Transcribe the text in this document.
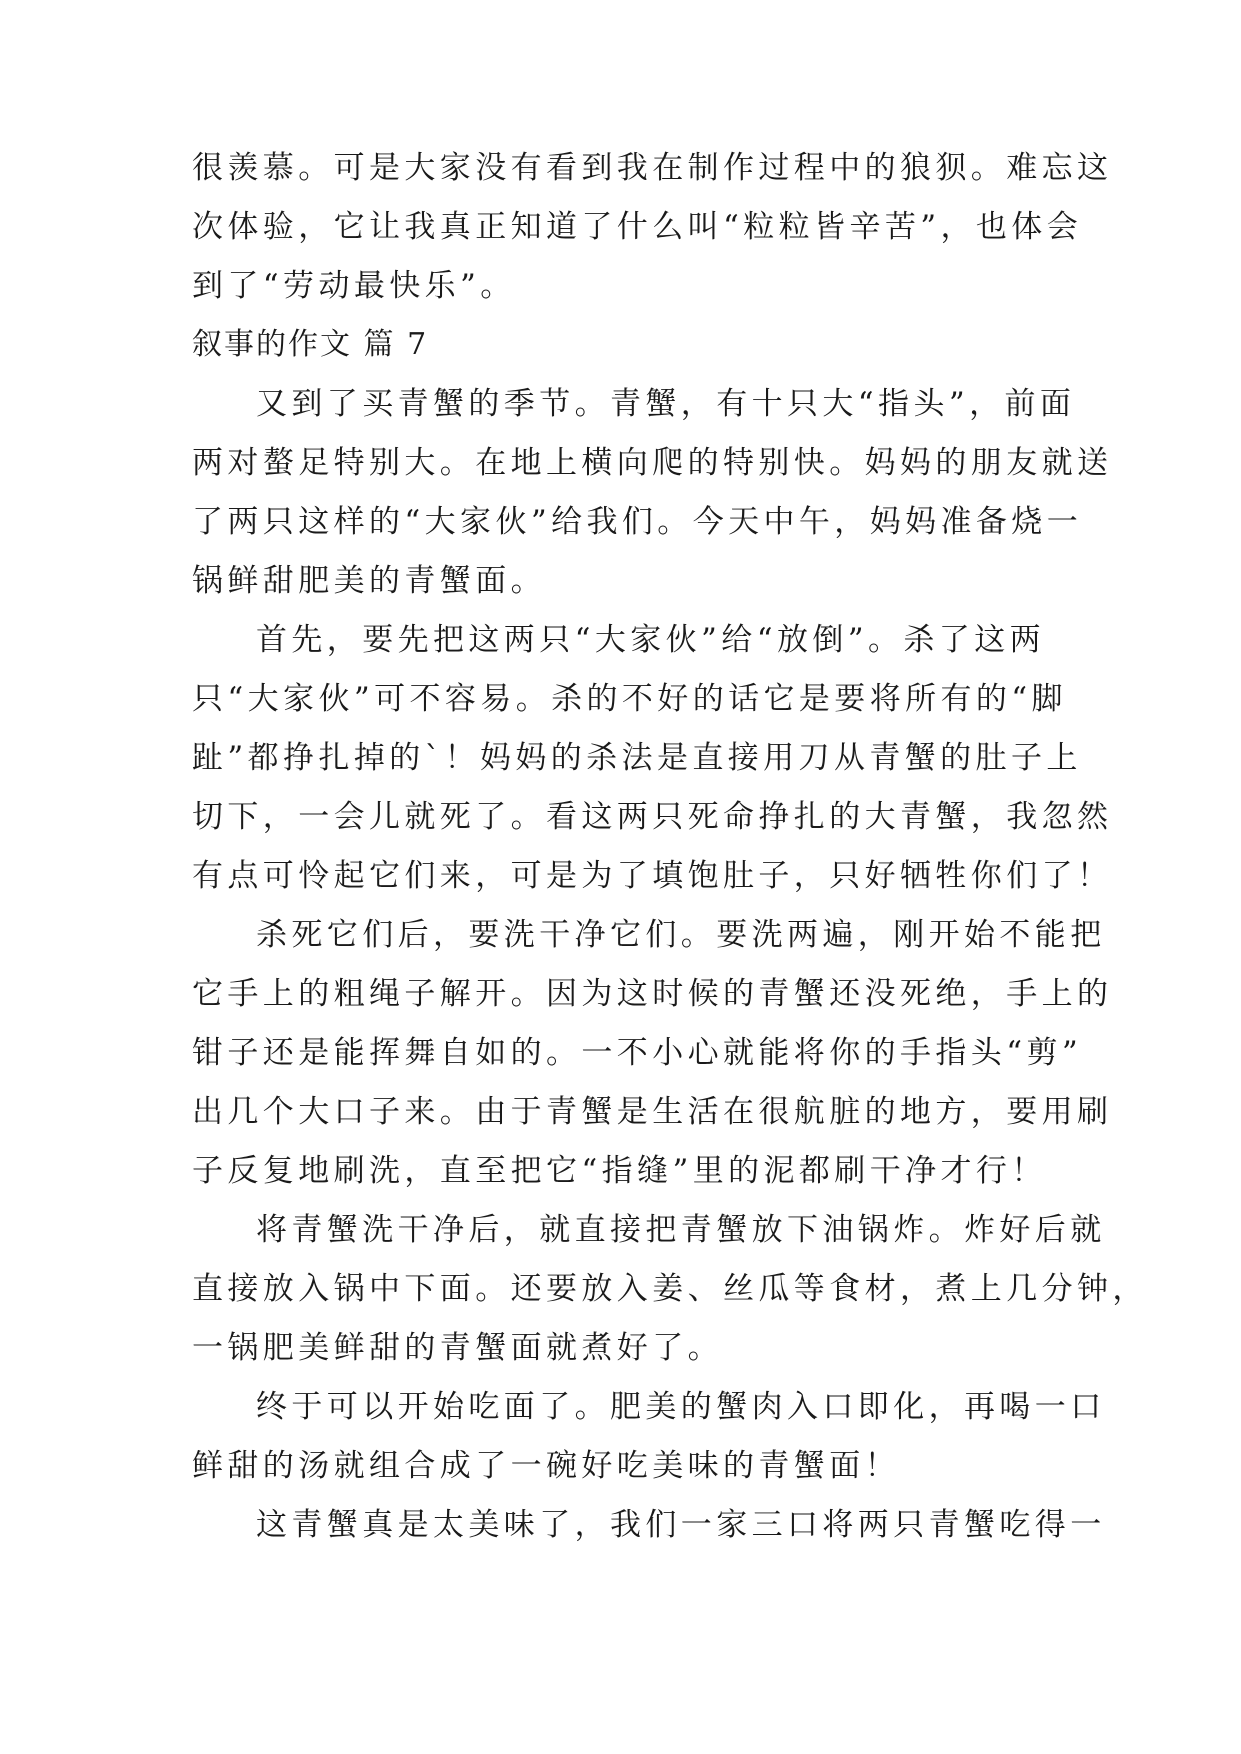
很羡慕。可是大家没有看到我在制作过程中的狼狈。难忘这
次体验，它让我真正知道了什么叫“粒粒皆辛苦”，也体会
到了“劳动最快乐”。
叙事的作文 篇 7
又到了买青蟹的季节。青蟹，有十只大“指头”，前面
两对螯足特别大。在地上横向爬的特别快。妈妈的朋友就送
了两只这样的“大家伙”给我们。今天中午，妈妈准备烧一
锅鲜甜肥美的青蟹面。
首先，要先把这两只“大家伙”给“放倒”。杀了这两
只“大家伙”可不容易。杀的不好的话它是要将所有的“脚
趾”都挣扎掉的`！妈妈的杀法是直接用刀从青蟹的肚子上
切下，一会儿就死了。看这两只死命挣扎的大青蟹，我忽然
有点可怜起它们来，可是为了填饱肚子，只好牺牲你们了！
杀死它们后，要洗干净它们。要洗两遍，刚开始不能把
它手上的粗绳子解开。因为这时候的青蟹还没死绝，手上的
钳子还是能挥舞自如的。一不小心就能将你的手指头“剪”
出几个大口子来。由于青蟹是生活在很航脏的地方，要用刷
子反复地刷洗，直至把它“指缝”里的泥都刷干净才行！
将青蟹洗干净后，就直接把青蟹放下油锅炸。炸好后就
直接放入锅中下面。还要放入姜、丝瓜等食材，煮上几分钟，
一锅肥美鲜甜的青蟹面就煮好了。
终于可以开始吃面了。肥美的蟹肉入口即化，再喝一口
鲜甜的汤就组合成了一碗好吃美味的青蟹面！
这青蟹真是太美味了，我们一家三口将两只青蟹吃得一
